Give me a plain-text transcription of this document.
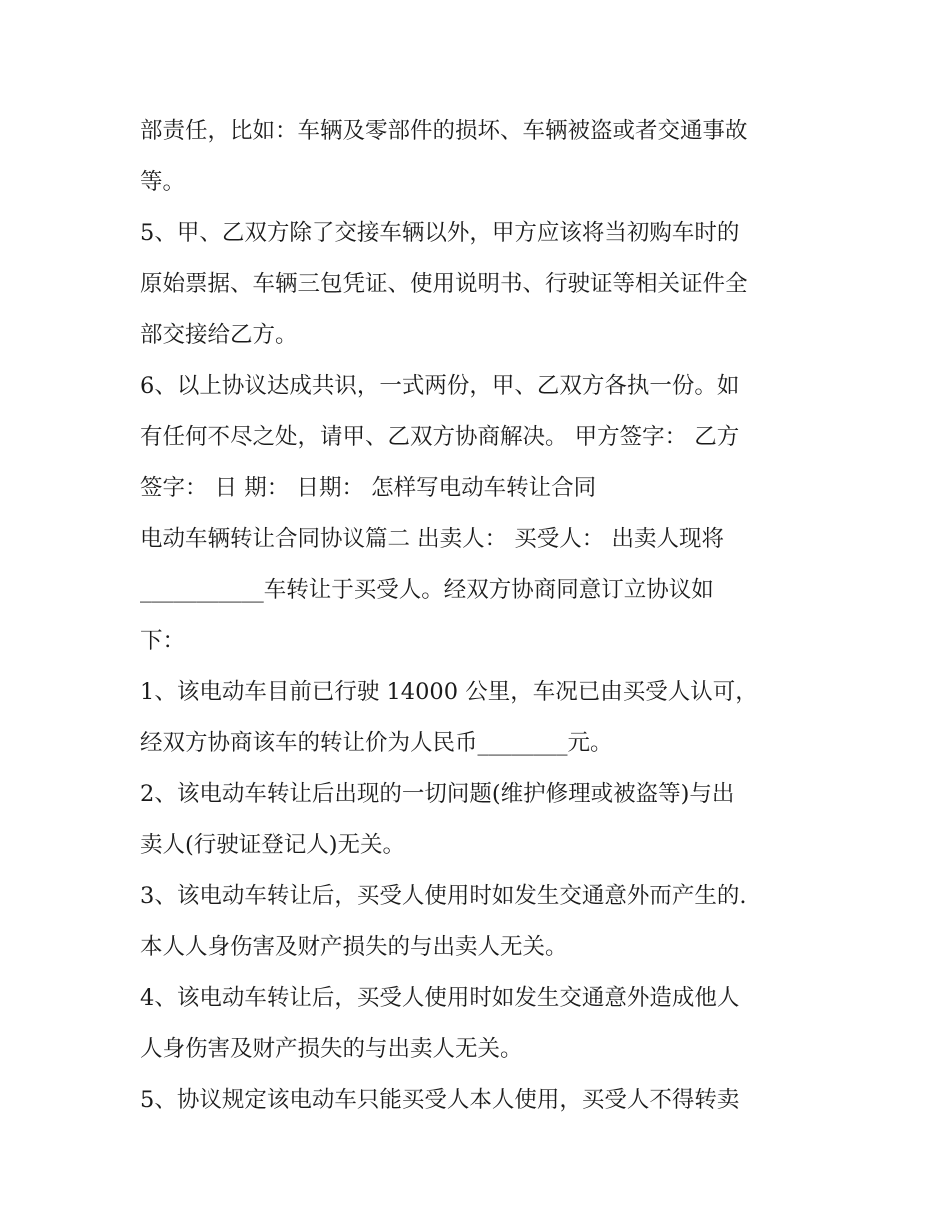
部责任，比如：车辆及零部件的损坏、车辆被盗或者交通事故
等。
5、甲、乙双方除了交接车辆以外，甲方应该将当初购车时的
原始票据、车辆三包凭证、使用说明书、行驶证等相关证件全
部交接给乙方。
6、以上协议达成共识，一式两份，甲、乙双方各执一份。如
有任何不尽之处，请甲、乙双方协商解决。 甲方签字： 乙方
签字： 日 期： 日期： 怎样写电动车转让合同
电动车辆转让合同协议篇二 出卖人： 买受人： 出卖人现将
___________车转让于买受人。经双方协商同意订立协议如
下：
1、该电动车目前已行驶 14000 公里，车况已由买受人认可，
经双方协商该车的转让价为人民币________元。
2、该电动车转让后出现的一切问题(维护修理或被盗等)与出
卖人(行驶证登记人)无关。
3、该电动车转让后，买受人使用时如发生交通意外而产生的.
本人人身伤害及财产损失的与出卖人无关。
4、该电动车转让后，买受人使用时如发生交通意外造成他人
人身伤害及财产损失的与出卖人无关。
5、协议规定该电动车只能买受人本人使用，买受人不得转卖
